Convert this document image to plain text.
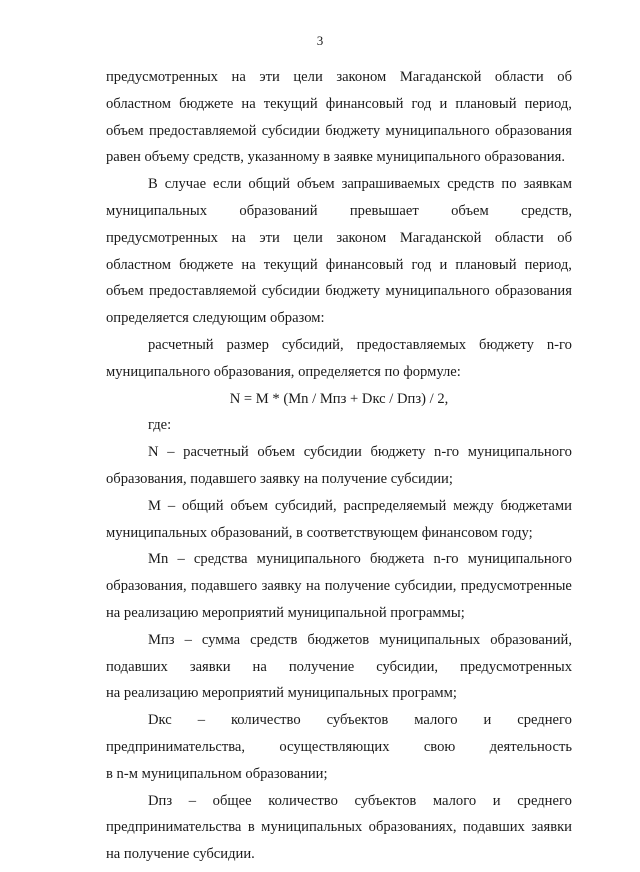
3
предусмотренных на эти цели законом Магаданской области об
областном бюджете на текущий финансовый год и плановый период,
объем предоставляемой субсидии бюджету муниципального образования
равен объему средств, указанному в заявке муниципального образования.
В случае если общий объем запрашиваемых средств по заявкам
муниципальных образований превышает объем средств,
предусмотренных на эти цели законом Магаданской области об
областном бюджете на текущий финансовый год и плановый период,
объем предоставляемой субсидии бюджету муниципального образования
определяется следующим образом:
расчетный размер субсидий, предоставляемых бюджету n-го
муниципального образования, определяется по формуле:
N = M * (Mn / Mпз + Dкс / Dпз) / 2,
где:
N – расчетный объем субсидии бюджету n-го муниципального
образования, подавшего заявку на получение субсидии;
M – общий объем субсидий, распределяемый между бюджетами
муниципальных образований, в соответствующем финансовом году;
Mn – средства муниципального бюджета n-го муниципального
образования, подавшего заявку на получение субсидии, предусмотренные
на реализацию мероприятий муниципальной программы;
Mпз – сумма средств бюджетов муниципальных образований,
подавших заявки на получение субсидии, предусмотренных
на реализацию мероприятий муниципальных программ;
Dкс – количество субъектов малого и среднего
предпринимательства, осуществляющих свою деятельность
в n-м муниципальном образовании;
Dпз – общее количество субъектов малого и среднего
предпринимательства в муниципальных образованиях, подавших заявки
на получение субсидии.
